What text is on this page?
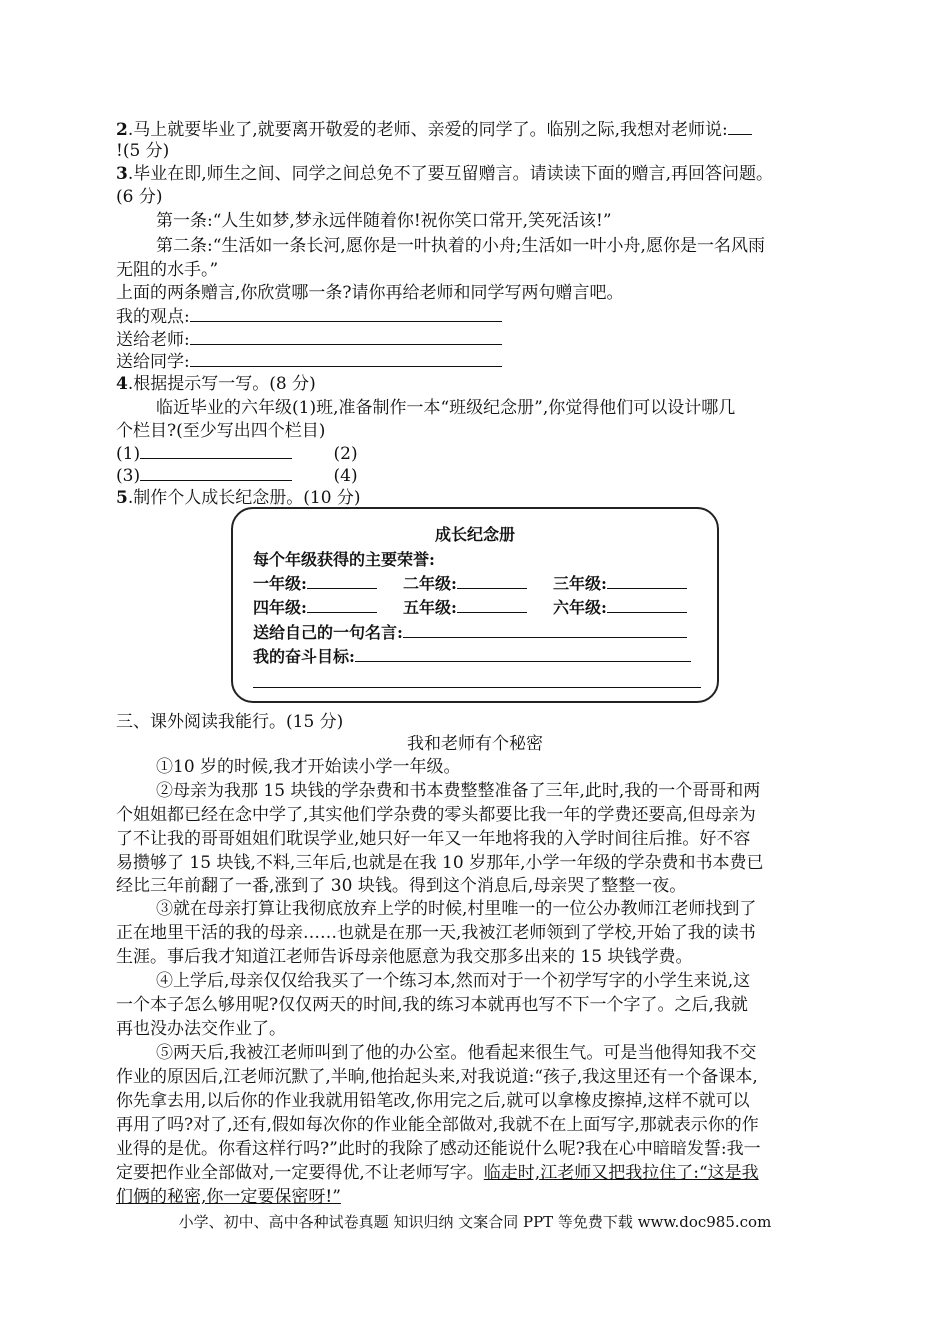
2.马上就要毕业了,就要离开敬爱的老师、亲爱的同学了。临别之际,我想对老师说:
!(5 分)
3.毕业在即,师生之间、同学之间总免不了要互留赠言。请读读下面的赠言,再回答问题。
(6 分)
第一条:“人生如梦,梦永远伴随着你!祝你笑口常开,笑死活该!”
第二条:“生活如一条长河,愿你是一叶执着的小舟;生活如一叶小舟,愿你是一名风雨
无阻的水手。”
上面的两条赠言,你欣赏哪一条?请你再给老师和同学写两句赠言吧。
我的观点:
送给老师:
送给同学:
4.根据提示写一写。(8 分)
临近毕业的六年级(1)班,准备制作一本“班级纪念册”,你觉得他们可以设计哪几
个栏目?(至少写出四个栏目)
(1)	(2)
(3)	(4)
5.制作个人成长纪念册。(10 分)
成长纪念册
每个年级获得的主要荣誉:
一年级:	二年级:	三年级:
四年级:	五年级:	六年级:
送给自己的一句名言:
我的奋斗目标:
三、课外阅读我能行。(15 分)
我和老师有个秘密
①10 岁的时候,我才开始读小学一年级。
②母亲为我那 15 块钱的学杂费和书本费整整准备了三年,此时,我的一个哥哥和两
个姐姐都已经在念中学了,其实他们学杂费的零头都要比我一年的学费还要高,但母亲为
了不让我的哥哥姐姐们耽误学业,她只好一年又一年地将我的入学时间往后推。好不容
易攒够了 15 块钱,不料,三年后,也就是在我 10 岁那年,小学一年级的学杂费和书本费已
经比三年前翻了一番,涨到了 30 块钱。得到这个消息后,母亲哭了整整一夜。
③就在母亲打算让我彻底放弃上学的时候,村里唯一的一位公办教师江老师找到了
正在地里干活的我的母亲……也就是在那一天,我被江老师领到了学校,开始了我的读书
生涯。事后我才知道江老师告诉母亲他愿意为我交那多出来的 15 块钱学费。
④上学后,母亲仅仅给我买了一个练习本,然而对于一个初学写字的小学生来说,这
一个本子怎么够用呢?仅仅两天的时间,我的练习本就再也写不下一个字了。之后,我就
再也没办法交作业了。
⑤两天后,我被江老师叫到了他的办公室。他看起来很生气。可是当他得知我不交
作业的原因后,江老师沉默了,半晌,他抬起头来,对我说道:“孩子,我这里还有一个备课本,
你先拿去用,以后你的作业我就用铅笔改,你用完之后,就可以拿橡皮擦掉,这样不就可以
再用了吗?对了,还有,假如每次你的作业能全部做对,我就不在上面写字,那就表示你的作
业得的是优。你看这样行吗?”此时的我除了感动还能说什么呢?我在心中暗暗发誓:我一
定要把作业全部做对,一定要得优,不让老师写字。临走时,江老师又把我拉住了:“这是我
们俩的秘密,你一定要保密呀!”
小学、初中、高中各种试卷真题 知识归纳 文案合同 PPT 等免费下载 www.doc985.com
